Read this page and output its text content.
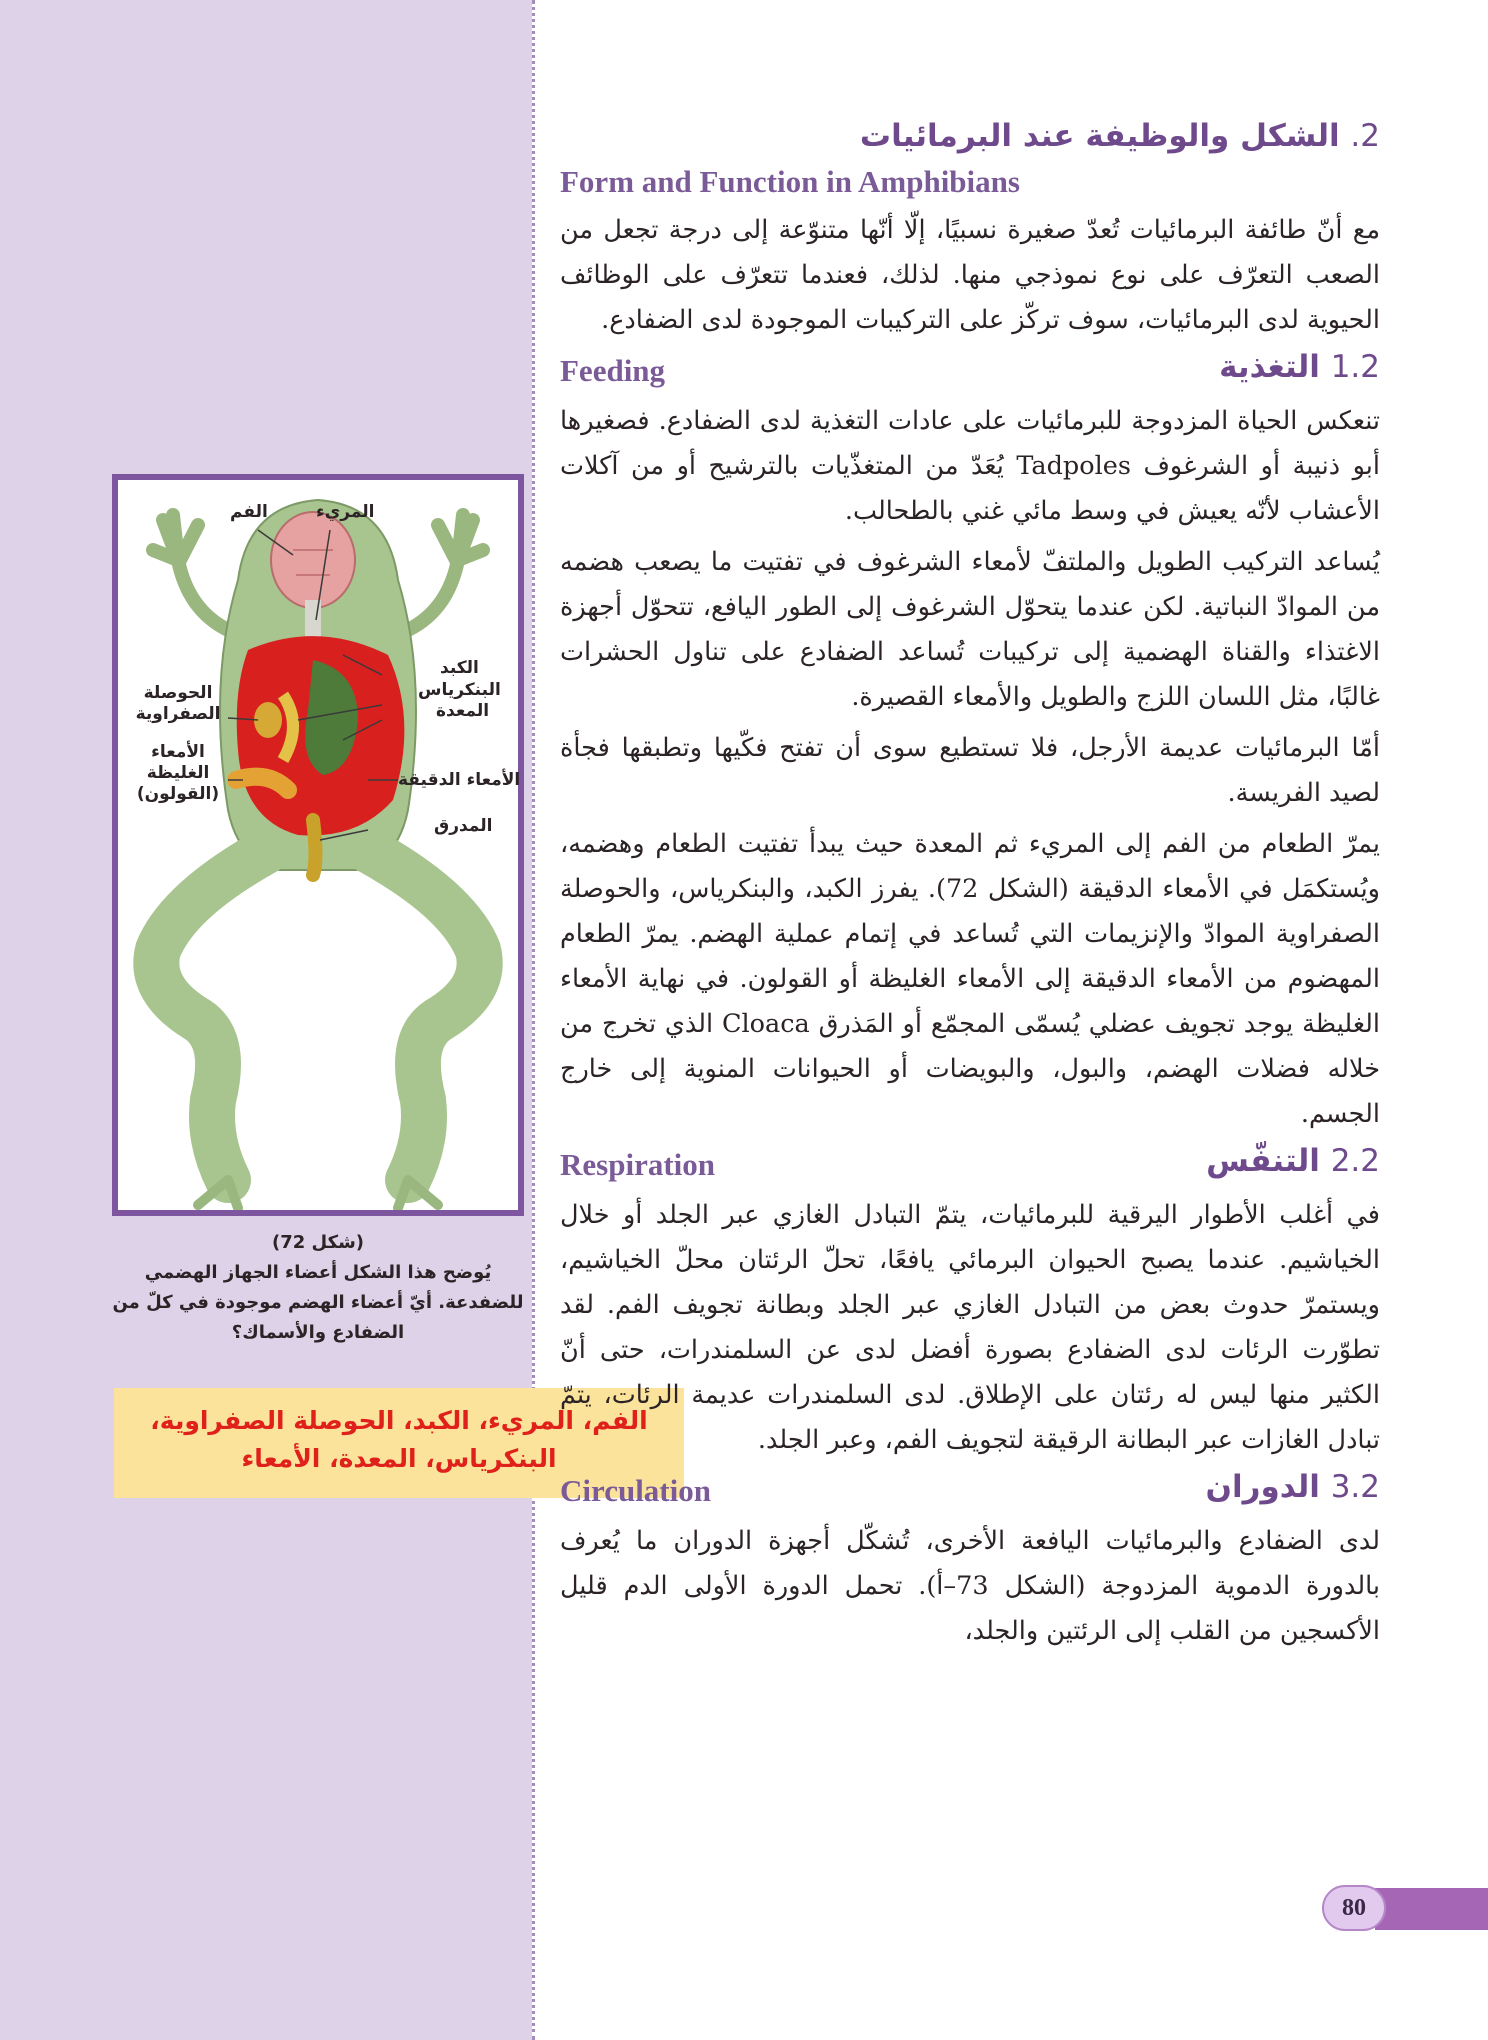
الفم	المريء
الكبد
البنكرياس
المعدة
الحوصلة الصفراوية
الأمعاء الغليظة (القولون)
الأمعاء الدقيقة
المدرق
(شكل 72)
يُوضح هذا الشكل أعضاء الجهاز الهضمي للضفدعة. أيّ أعضاء الهضم موجودة في كلّ من الضفادع والأسماك؟
الفم، المريء، الكبد، الحوصلة الصفراوية، البنكرياس، المعدة، الأمعاء
2. الشكل والوظيفة عند البرمائيات
Form and Function in Amphibians

مع أنّ طائفة البرمائيات تُعدّ صغيرة نسبيًا، إلّا أنّها متنوّعة إلى درجة تجعل من الصعب التعرّف على نوع نموذجي منها. لذلك، فعندما تتعرّف على الوظائف الحيوية لدى البرمائيات، سوف تركّز على التركيبات الموجودة لدى الضفادع.

1.2 التغذية
Feeding

تنعكس الحياة المزدوجة للبرمائيات على عادات التغذية لدى الضفادع. فصغيرها أبو ذنيبة أو الشرغوف Tadpoles يُعَدّ من المتغذّيات بالترشيح أو من آكلات الأعشاب لأنّه يعيش في وسط مائي غني بالطحالب.

يُساعد التركيب الطويل والملتفّ لأمعاء الشرغوف في تفتيت ما يصعب هضمه من الموادّ النباتية. لكن عندما يتحوّل الشرغوف إلى الطور اليافع، تتحوّل أجهزة الاغتذاء والقناة الهضمية إلى تركيبات تُساعد الضفادع على تناول الحشرات غالبًا، مثل اللسان اللزج والطويل والأمعاء القصيرة.

أمّا البرمائيات عديمة الأرجل، فلا تستطيع سوى أن تفتح فكّيها وتطبقها فجأة لصيد الفريسة.

يمرّ الطعام من الفم إلى المريء ثم المعدة حيث يبدأ تفتيت الطعام وهضمه، ويُستكمَل في الأمعاء الدقيقة (الشكل 72). يفرز الكبد، والبنكرياس، والحوصلة الصفراوية الموادّ والإنزيمات التي تُساعد في إتمام عملية الهضم. يمرّ الطعام المهضوم من الأمعاء الدقيقة إلى الأمعاء الغليظة أو القولون. في نهاية الأمعاء الغليظة يوجد تجويف عضلي يُسمّى المجمّع أو المَذرق Cloaca الذي تخرج من خلاله فضلات الهضم، والبول، والبويضات أو الحيوانات المنوية إلى خارج الجسم.

2.2 التنفّس
Respiration

في أغلب الأطوار اليرقية للبرمائيات، يتمّ التبادل الغازي عبر الجلد أو خلال الخياشيم. عندما يصبح الحيوان البرمائي يافعًا، تحلّ الرئتان محلّ الخياشيم، ويستمرّ حدوث بعض من التبادل الغازي عبر الجلد وبطانة تجويف الفم. لقد تطوّرت الرئات لدى الضفادع بصورة أفضل لدى عن السلمندرات، حتى أنّ الكثير منها ليس له رئتان على الإطلاق. لدى السلمندرات عديمة الرئات، يتمّ تبادل الغازات عبر البطانة الرقيقة لتجويف الفم، وعبر الجلد.

3.2 الدوران
Circulation

لدى الضفادع والبرمائيات اليافعة الأخرى، تُشكّل أجهزة الدوران ما يُعرف بالدورة الدموية المزدوجة (الشكل 73–أ). تحمل الدورة الأولى الدم قليل الأكسجين من القلب إلى الرئتين والجلد،

80
